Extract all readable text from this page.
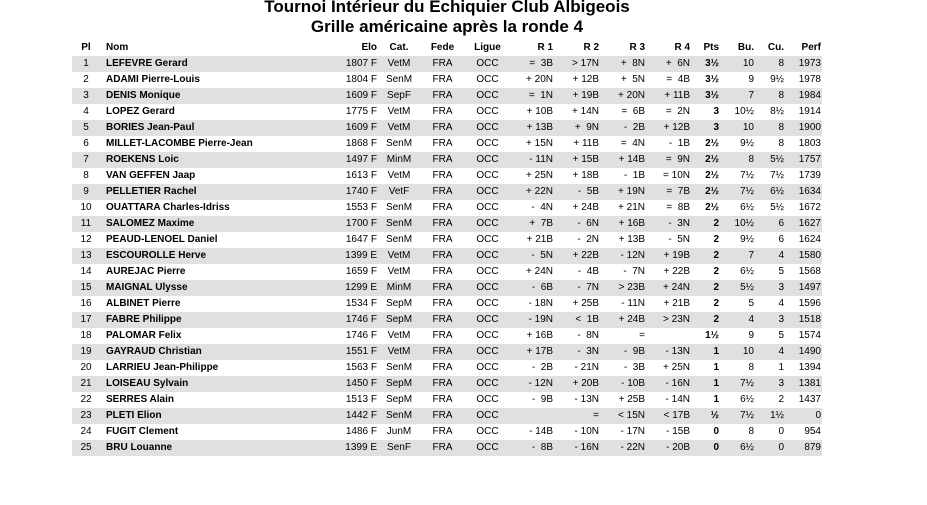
Tournoi Intérieur du Echiquier Club Albigeois
Grille américaine après la ronde 4
Pl	Nom	Elo	Cat.	Fede	Ligue	R 1	R 2	R 3	R 4	Pts	Bu.	Cu.	Perf
1	LEFEVRE Gerard	1807 F	VetM	FRA	OCC	=  3B	> 17N	+  8N	+  6N	3½	10	8	1973
2	ADAMI Pierre-Louis	1804 F	SenM	FRA	OCC	+ 20N	+ 12B	+  5N	=  4B	3½	9	9½	1978
3	DENIS Monique	1609 F	SepF	FRA	OCC	=  1N	+ 19B	+ 20N	+ 11B	3½	7	8	1984
4	LOPEZ Gerard	1775 F	VetM	FRA	OCC	+ 10B	+ 14N	=  6B	=  2N	3	10½	8½	1914
5	BORIES Jean-Paul	1609 F	VetM	FRA	OCC	+ 13B	+  9N	-  2B	+ 12B	3	10	8	1900
6	MILLET-LACOMBE Pierre-Jean	1868 F	SenM	FRA	OCC	+ 15N	+ 11B	=  4N	-  1B	2½	9½	8	1803
7	ROEKENS Loic	1497 F	MinM	FRA	OCC	- 11N	+ 15B	+ 14B	=  9N	2½	8	5½	1757
8	VAN GEFFEN Jaap	1613 F	VetM	FRA	OCC	+ 25N	+ 18B	-  1B	= 10N	2½	7½	7½	1739
9	PELLETIER Rachel	1740 F	VetF	FRA	OCC	+ 22N	-  5B	+ 19N	=  7B	2½	7½	6½	1634
10	OUATTARA Charles-Idriss	1553 F	SenM	FRA	OCC	-  4N	+ 24B	+ 21N	=  8B	2½	6½	5½	1672
11	SALOMEZ Maxime	1700 F	SenM	FRA	OCC	+  7B	-  6N	+ 16B	-  3N	2	10½	6	1627
12	PEAUD-LENOEL Daniel	1647 F	SenM	FRA	OCC	+ 21B	-  2N	+ 13B	-  5N	2	9½	6	1624
13	ESCOUROLLE Herve	1399 E	VetM	FRA	OCC	-  5N	+ 22B	- 12N	+ 19B	2	7	4	1580
14	AUREJAC Pierre	1659 F	VetM	FRA	OCC	+ 24N	-  4B	-  7N	+ 22B	2	6½	5	1568
15	MAIGNAL Ulysse	1299 E	MinM	FRA	OCC	-  6B	-  7N	> 23B	+ 24N	2	5½	3	1497
16	ALBINET Pierre	1534 F	SepM	FRA	OCC	- 18N	+ 25B	- 11N	+ 21B	2	5	4	1596
17	FABRE Philippe	1746 F	SepM	FRA	OCC	- 19N	<  1B	+ 24B	> 23N	2	4	3	1518
18	PALOMAR Felix	1746 F	VetM	FRA	OCC	+ 16B	-  8N	=		1½	9	5	1574
19	GAYRAUD Christian	1551 F	VetM	FRA	OCC	+ 17B	-  3N	-  9B	- 13N	1	10	4	1490
20	LARRIEU Jean-Philippe	1563 F	SenM	FRA	OCC	-  2B	- 21N	-  3B	+ 25N	1	8	1	1394
21	LOISEAU Sylvain	1450 F	SepM	FRA	OCC	- 12N	+ 20B	- 10B	- 16N	1	7½	3	1381
22	SERRES Alain	1513 F	SepM	FRA	OCC	-  9B	- 13N	+ 25B	- 14N	1	6½	2	1437
23	PLETI Elion	1442 F	SenM	FRA	OCC		=	< 15N	< 17B	½	7½	1½	0
24	FUGIT Clement	1486 F	JunM	FRA	OCC	- 14B	- 10N	- 17N	- 15B	0	8	0	954
25	BRU Louanne	1399 E	SenF	FRA	OCC	-  8B	- 16N	- 22N	- 20B	0	6½	0	879
